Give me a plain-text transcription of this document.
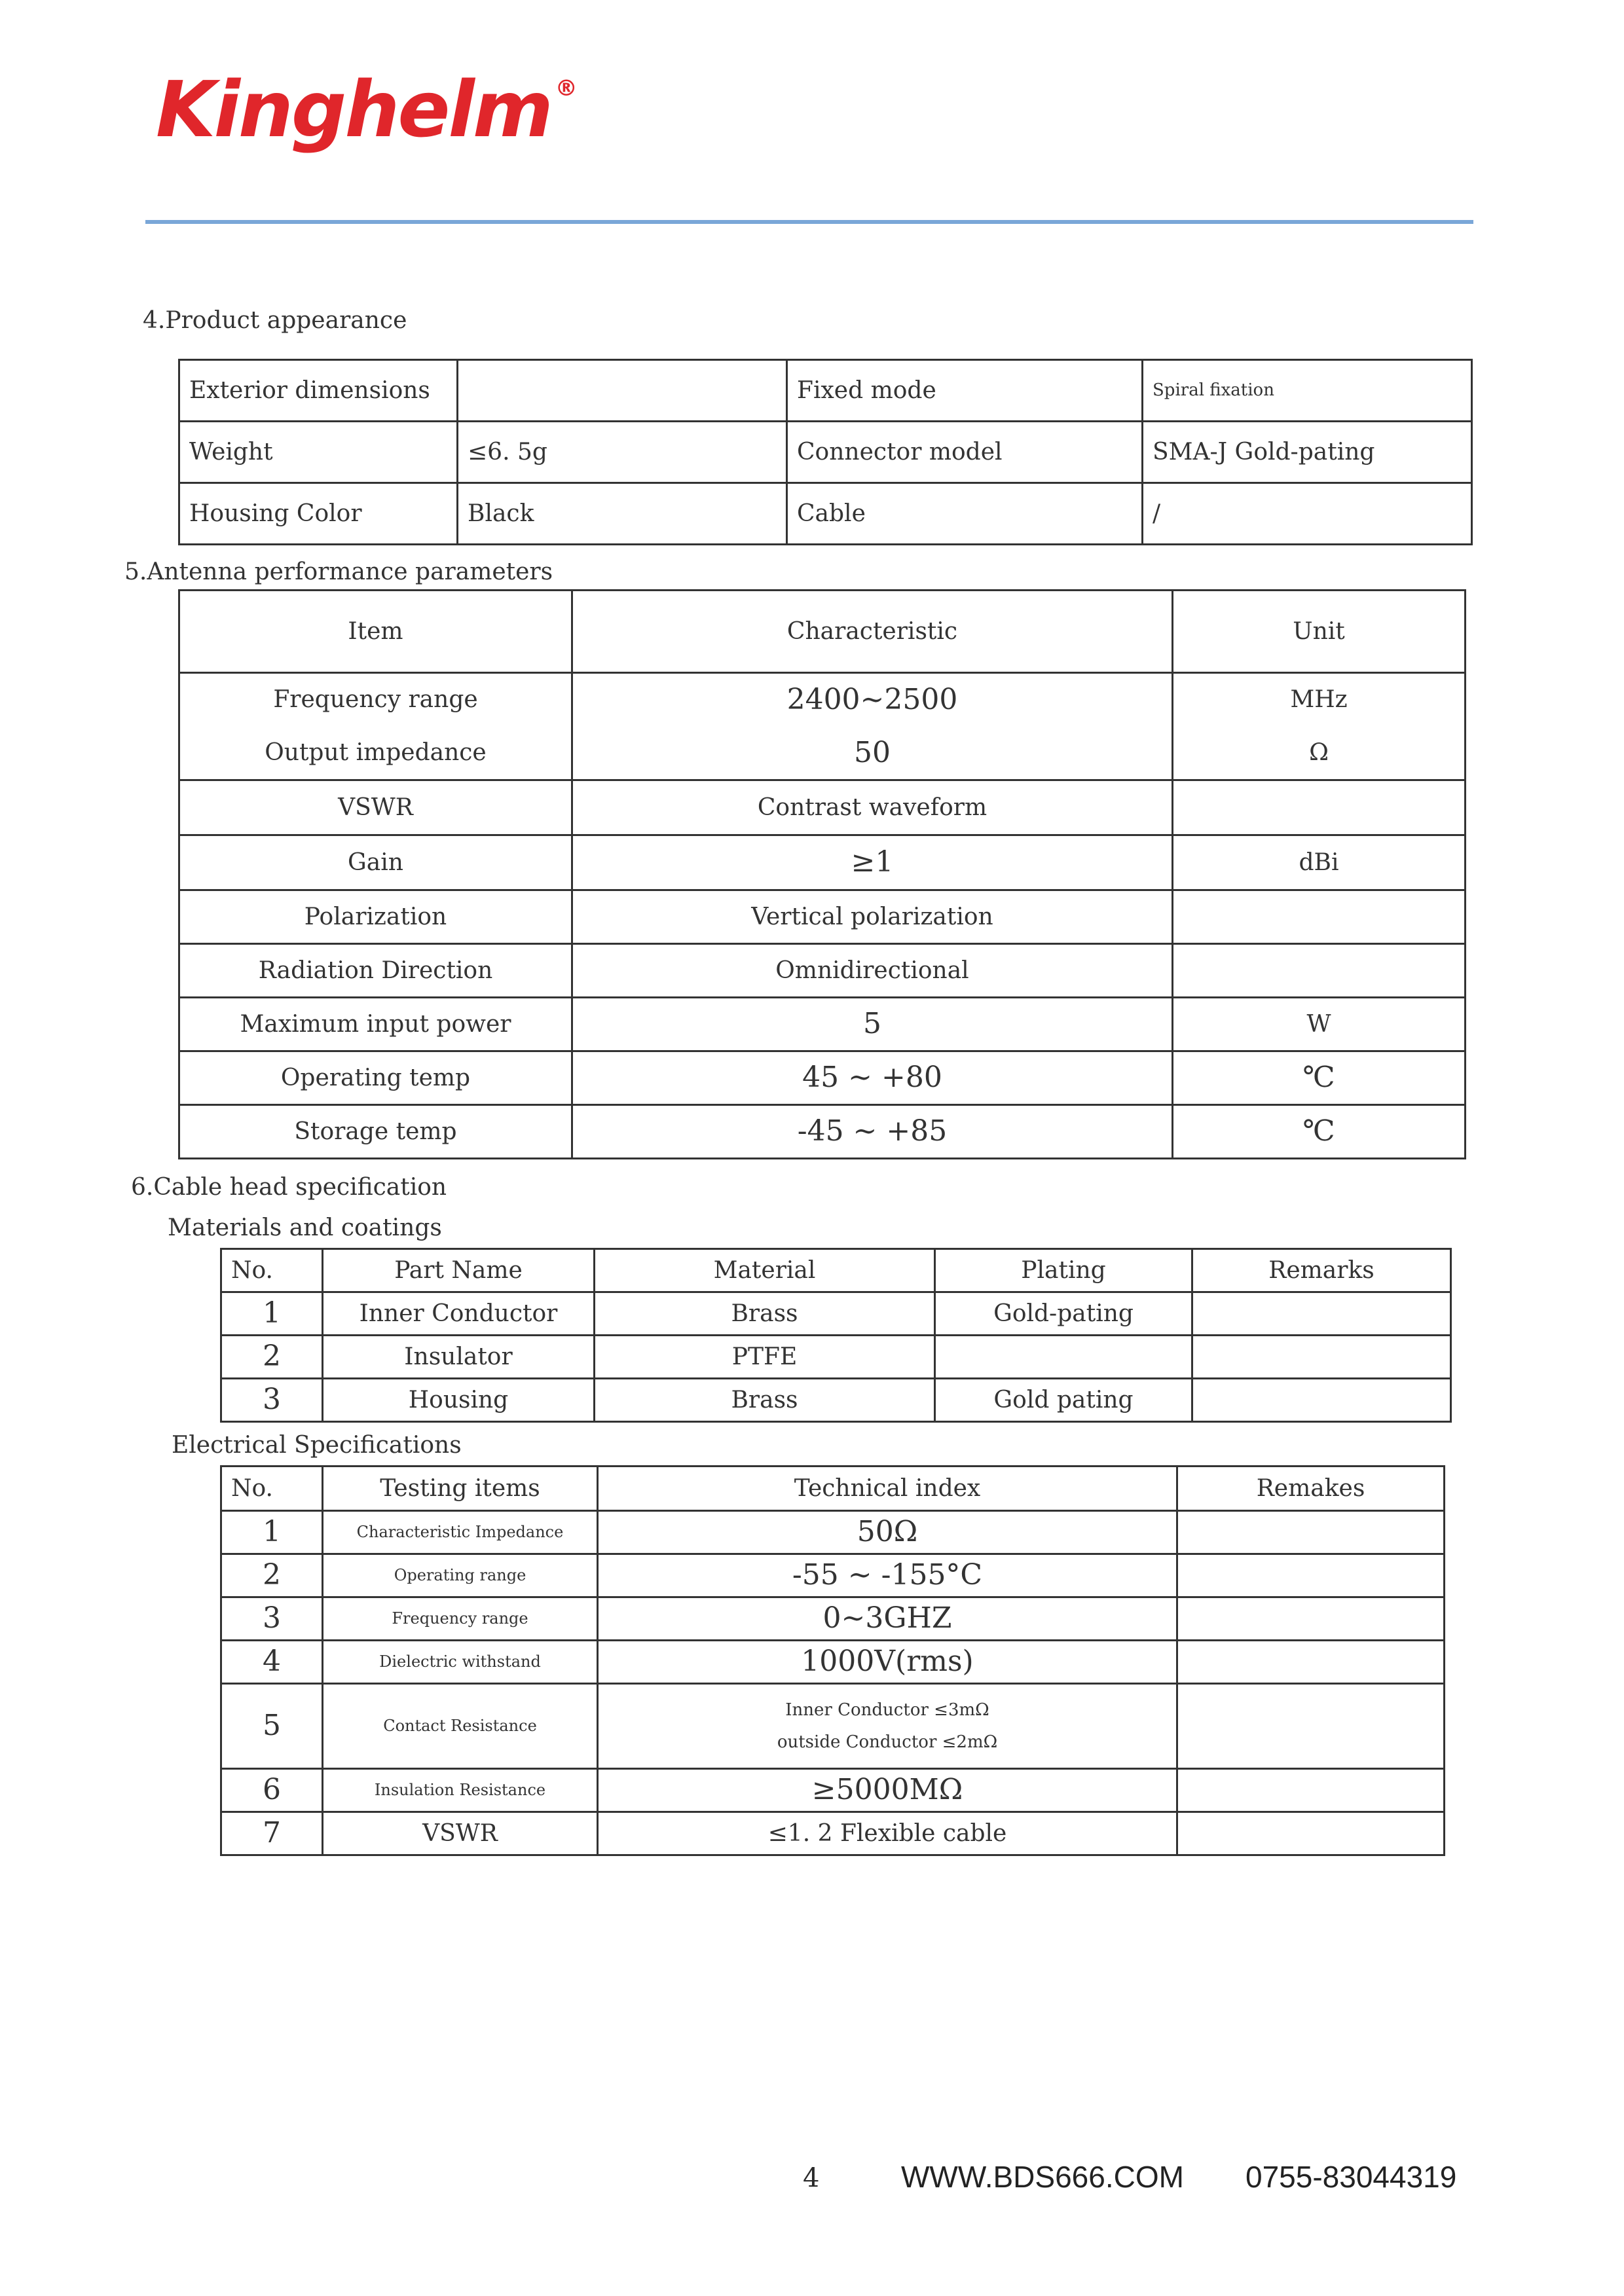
Kinghelm ®
4.Product appearance
Exterior dimensions		Fixed mode	Spiral fixation
Weight	≤6. 5g	Connector model	SMA-J Gold-pating
Housing Color	Black	Cable	/
5.Antenna performance parameters
Item	Characteristic	Unit
Frequency range	2400~2500	MHz
Output impedance	50	Ω
VSWR	Contrast waveform	
Gain	≥1	dBi
Polarization	Vertical polarization	
Radiation Direction	Omnidirectional	
Maximum input power	5	W
Operating temp	45 ~ +80	℃
Storage temp	-45 ~ +85	℃
6.Cable head specification
Materials and coatings
No.	Part Name	Material	Plating	Remarks
1	Inner Conductor	Brass	Gold-pating	
2	Insulator	PTFE		
3	Housing	Brass	Gold pating	
Electrical Specifications
No.	Testing items	Technical index	Remakes
1	Characteristic Impedance	50Ω	
2	Operating range	-55 ~ -155°C	
3	Frequency range	0~3GHZ	
4	Dielectric withstand	1000V(rms)	
5	Contact Resistance	Inner Conductor ≤3mΩ
outside Conductor ≤2mΩ	

6	Insulation Resistance	≥5000MΩ	
7	VSWR	≤1. 2 Flexible cable	
4	WWW.BDS666.COM 0755-83044319
